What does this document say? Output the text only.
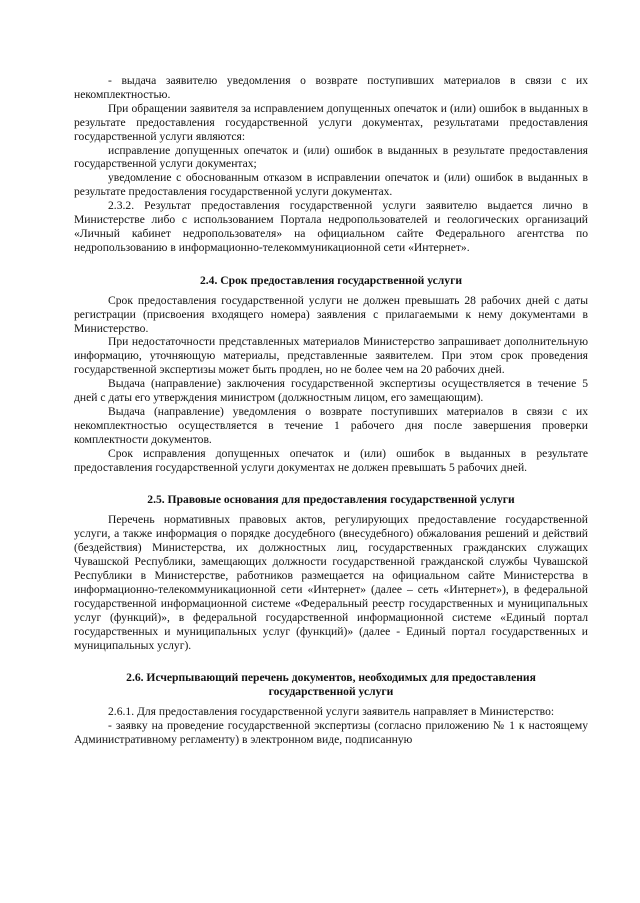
- выдача заявителю уведомления о возврате поступивших материалов в связи с их некомплектностью.

При обращении заявителя за исправлением допущенных опечаток и (или) ошибок в выданных в результате предоставления государственной услуги документах, результатами предоставления государственной услуги являются:

исправление допущенных опечаток и (или) ошибок в выданных в результате предоставления государственной услуги документах;

уведомление с обоснованным отказом в исправлении опечаток и (или) ошибок в выданных в результате предоставления государственной услуги документах.

2.3.2. Результат предоставления государственной услуги заявителю выдается лично в Министерстве либо с использованием Портала недропользователей и геологических организаций «Личный кабинет недропользователя» на официальном сайте Федерального агентства по недропользованию в информационно-телекоммуникационной сети «Интернет».

2.4. Срок предоставления государственной услуги

Срок предоставления государственной услуги не должен превышать 28 рабочих дней с даты регистрации (присвоения входящего номера) заявления с прилагаемыми к нему документами в Министерство.

При недостаточности представленных материалов Министерство запрашивает дополнительную информацию, уточняющую материалы, представленные заявителем. При этом срок проведения государственной экспертизы может быть продлен, но не более чем на 20 рабочих дней.

Выдача (направление) заключения государственной экспертизы осуществляется в течение 5 дней с даты его утверждения министром (должностным лицом, его замещающим).

Выдача (направление) уведомления о возврате поступивших материалов в связи с их некомплектностью осуществляется в течение 1 рабочего дня после завершения проверки комплектности документов.

Срок исправления допущенных опечаток и (или) ошибок в выданных в результате предоставления государственной услуги документах не должен превышать 5 рабочих дней.

2.5. Правовые основания для предоставления государственной услуги

Перечень нормативных правовых актов, регулирующих предоставление государственной услуги, а также информация о порядке досудебного (внесудебного) обжалования решений и действий (бездействия) Министерства, их должностных лиц, государственных гражданских служащих Чувашской Республики, замещающих должности государственной гражданской службы Чувашской Республики в Министерстве, работников размещается на официальном сайте Министерства в информационно-телекоммуникационной сети «Интернет» (далее – сеть «Интернет»), в федеральной государственной информационной системе «Федеральный реестр государственных и муниципальных услуг (функций)», в федеральной государственной информационной системе «Единый портал государственных и муниципальных услуг (функций)» (далее - Единый портал государственных и муниципальных услуг).

2.6. Исчерпывающий перечень документов, необходимых для предоставления
государственной услуги

2.6.1. Для предоставления государственной услуги заявитель направляет в Министерство:

- заявку на проведение государственной экспертизы (согласно приложению № 1 к настоящему Административному регламенту) в электронном виде, подписанную
